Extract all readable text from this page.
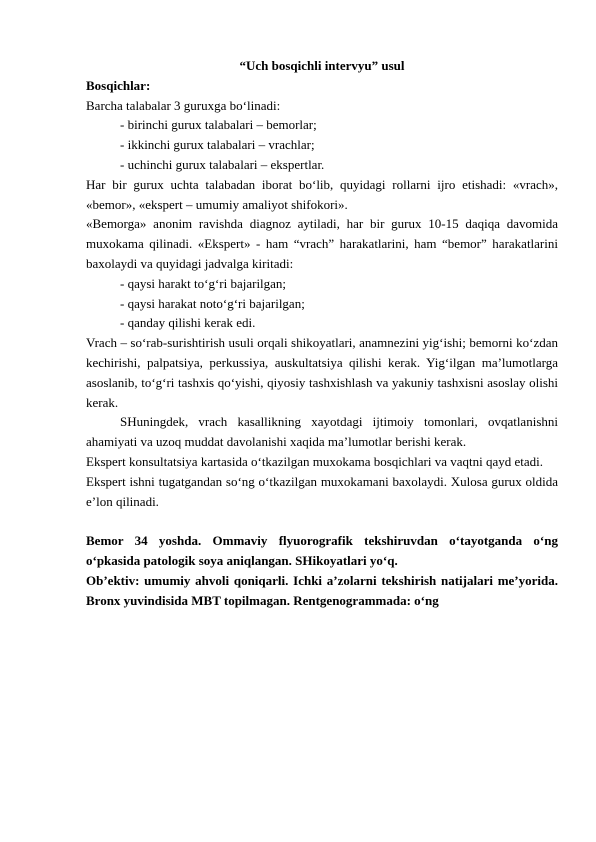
“Uch bosqichli intervyu” usul

Bosqichlar:

Barcha talabalar 3 guruxga bo‘linadi:

- birinchi gurux talabalari – bemorlar;

- ikkinchi gurux talabalari – vrachlar;

- uchinchi gurux talabalari – ekspertlar.

Har bir gurux uchta talabadan iborat bo‘lib, quyidagi rollarni ijro etishadi: «vrach», «bemor», «ekspert – umumiy amaliyot shifokori».

«Bemorga» anonim ravishda diagnoz aytiladi, har bir gurux 10-15 daqiqa davomida muxokama qilinadi. «Ekspert» - ham “vrach” harakatlarini, ham “bemor” harakatlarini baxolaydi va quyidagi jadvalga kiritadi:

- qaysi harakt to‘g‘ri bajarilgan;

- qaysi harakat noto‘g‘ri bajarilgan;

- qanday qilishi kerak edi.

Vrach – so‘rab-surishtirish usuli orqali shikoyatlari, anamnezini yig‘ishi; bemorni ko‘zdan kechirishi, palpatsiya, perkussiya, auskultatsiya qilishi kerak. Yig‘ilgan ma’lumotlarga asoslanib, to‘g‘ri tashxis qo‘yishi, qiyosiy tashxishlash va yakuniy tashxisni asoslay olishi kerak.

SHuningdek, vrach kasallikning xayotdagi ijtimoiy tomonlari, ovqatlanishni ahamiyati va uzoq muddat davolanishi xaqida ma’lumotlar berishi kerak.

Ekspert konsultatsiya kartasida o‘tkazilgan muxokama bosqichlari va vaqtni qayd etadi.

Ekspert ishni tugatgandan so‘ng o‘tkazilgan muxokamani baxolaydi. Xulosa gurux oldida e’lon qilinadi.

Bemor 34 yoshda. Ommaviy flyuorografik tekshiruvdan o‘tayotganda o‘ng o‘pkasida patologik soya aniqlangan. SHikoyatlari yo‘q.

Ob’ektiv: umumiy ahvoli qoniqarli. Ichki a’zolarni tekshirish natijalari me’yorida. Bronx yuvindisida MBT topilmagan. Rentgenogrammada: o‘ng
